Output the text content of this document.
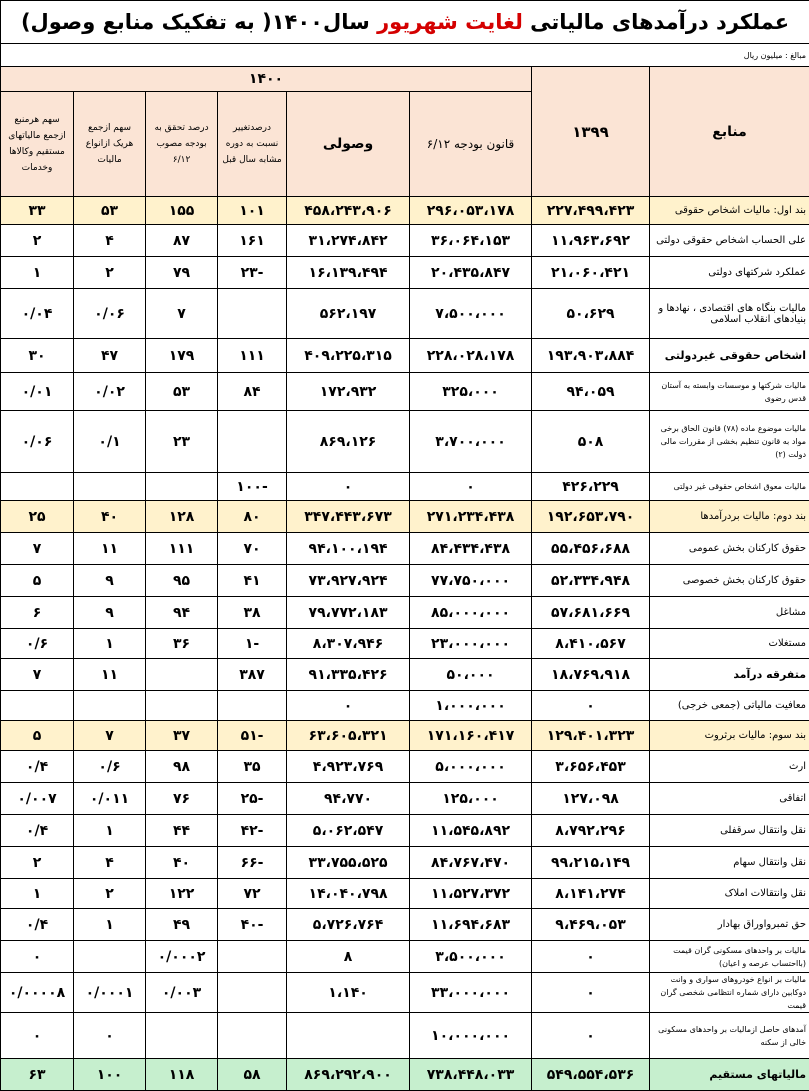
عملکرد درآمدهای مالیاتی لغایت شهریور سال۱۴۰۰( به تفکیک منابع وصول)							
مبالغ : میلیون ریال							
منابع	۱۳۹۹	۱۴۰۰					
		قانون بودجه ۶/۱۲	وصولی	درصدتغییر نسبت به دوره مشابه سال قبل	درصد تحقق به بودجه مصوب ۶/۱۲	سهم ازجمع هریک ازانواع مالیات	سهم هرمنبع ازجمع مالیاتهای مستقیم وکالاها وخدمات
بند اول: مالیات اشخاص حقوقی	۲۲۷،۴۹۹،۴۲۳	۲۹۶،۰۵۳،۱۷۸	۴۵۸،۲۴۳،۹۰۶	۱۰۱	۱۵۵	۵۳	۳۳
علی الحساب اشخاص حقوقی دولتی	۱۱،۹۶۳،۶۹۲	۳۶،۰۶۴،۱۵۳	۳۱،۲۷۴،۸۴۲	۱۶۱	۸۷	۴	۲
عملکرد شرکتهای دولتی	۲۱،۰۶۰،۴۲۱	۲۰،۴۳۵،۸۴۷	۱۶،۱۳۹،۴۹۴	-۲۳	۷۹	۲	۱
مالیات بنگاه های اقتصادی ، نهادها و بنیادهای انقلاب اسلامی	۵۰،۶۲۹	۷،۵۰۰،۰۰۰	۵۶۲،۱۹۷		۷	۰/۰۶	۰/۰۴
اشخاص حقوقی غیردولتی	۱۹۳،۹۰۳،۸۸۴	۲۲۸،۰۲۸،۱۷۸	۴۰۹،۲۲۵،۳۱۵	۱۱۱	۱۷۹	۴۷	۳۰
مالیات شرکتها و موسسات وابسته به آستان قدس رضوی	۹۴،۰۵۹	۳۲۵،۰۰۰	۱۷۲،۹۳۲	۸۴	۵۳	۰/۰۲	۰/۰۱
مالیات موضوع ماده (۷۸) قانون الحاق برخی مواد به قانون تنظیم بخشی از مقررات مالی دولت (۲)	۵۰۸	۳،۷۰۰،۰۰۰	۸۶۹،۱۲۶		۲۳	۰/۱	۰/۰۶
مالیات معوق اشخاص حقوقی غیر دولتی	۴۲۶،۲۲۹	۰	۰	-۱۰۰			
بند دوم: مالیات بردرآمدها	۱۹۲،۶۵۳،۷۹۰	۲۷۱،۲۳۴،۴۳۸	۳۴۷،۴۴۳،۶۷۳	۸۰	۱۲۸	۴۰	۲۵
حقوق کارکنان بخش عمومی	۵۵،۴۵۶،۶۸۸	۸۴،۴۳۴،۴۳۸	۹۴،۱۰۰،۱۹۴	۷۰	۱۱۱	۱۱	۷
حقوق کارکنان بخش خصوصی	۵۲،۳۳۴،۹۴۸	۷۷،۷۵۰،۰۰۰	۷۳،۹۲۷،۹۲۴	۴۱	۹۵	۹	۵
مشاغل	۵۷،۶۸۱،۶۶۹	۸۵،۰۰۰،۰۰۰	۷۹،۷۷۲،۱۸۳	۳۸	۹۴	۹	۶
مستغلات	۸،۴۱۰،۵۶۷	۲۳،۰۰۰،۰۰۰	۸،۳۰۷،۹۴۶	-۱	۳۶	۱	۰/۶
متفرقه درآمد	۱۸،۷۶۹،۹۱۸	۵۰،۰۰۰	۹۱،۳۳۵،۴۲۶	۳۸۷		۱۱	۷
معافیت مالیاتی (جمعی خرجی)	۰	۱،۰۰۰،۰۰۰	۰				
بند سوم: مالیات برثروت	۱۲۹،۴۰۱،۳۲۳	۱۷۱،۱۶۰،۴۱۷	۶۳،۶۰۵،۳۲۱	-۵۱	۳۷	۷	۵
ارث	۳،۶۵۶،۴۵۳	۵،۰۰۰،۰۰۰	۴،۹۲۳،۷۶۹	۳۵	۹۸	۰/۶	۰/۴
اتفاقی	۱۲۷،۰۹۸	۱۲۵،۰۰۰	۹۴،۷۷۰	-۲۵	۷۶	۰/۰۱۱	۰/۰۰۷
نقل وانتقال سرقفلی	۸،۷۹۲،۲۹۶	۱۱،۵۴۵،۸۹۲	۵،۰۶۲،۵۴۷	-۴۲	۴۴	۱	۰/۴
نقل وانتقال سهام	۹۹،۲۱۵،۱۴۹	۸۴،۷۶۷،۴۷۰	۳۳،۷۵۵،۵۲۵	-۶۶	۴۰	۴	۲
نقل وانتقالات املاک	۸،۱۴۱،۲۷۴	۱۱،۵۲۷،۳۷۲	۱۴،۰۴۰،۷۹۸	۷۲	۱۲۲	۲	۱
حق تمبرواوراق بهادار	۹،۴۶۹،۰۵۳	۱۱،۶۹۴،۶۸۳	۵،۷۲۶،۷۶۴	-۴۰	۴۹	۱	۰/۴
مالیات بر واحدهای مسکونی گران قیمت (بااحتساب عرصه و اعیان)	۰	۳،۵۰۰،۰۰۰	۸		۰/۰۰۰۲		۰
مالیات بر انواع خودروهای سواری و وانت دوکابین دارای شماره انتظامی شخصی گران قیمت	۰	۳۳،۰۰۰،۰۰۰	۱،۱۴۰		۰/۰۰۳	۰/۰۰۰۱	۰/۰۰۰۰۸
آمدهای حاصل ازمالیات بر واحدهای مسکونی خالی از سکنه	۰	۱۰،۰۰۰،۰۰۰				۰	۰
مالیاتهای مستقیم	۵۴۹،۵۵۴،۵۳۶	۷۳۸،۴۴۸،۰۳۳	۸۶۹،۲۹۲،۹۰۰	۵۸	۱۱۸	۱۰۰	۶۳
